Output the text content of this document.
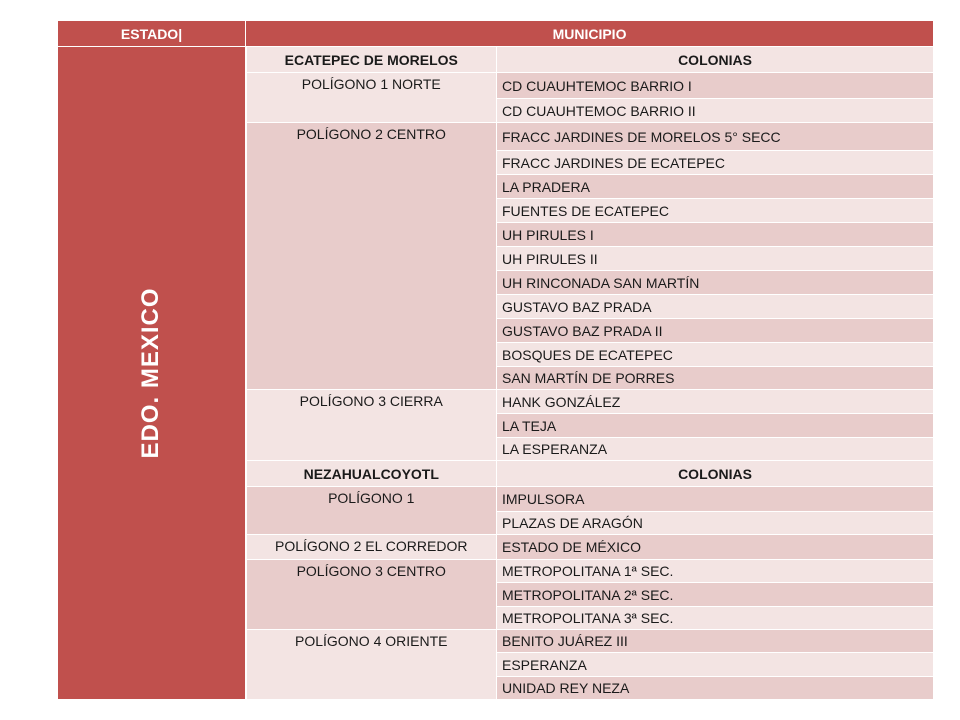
ESTADO|	MUNICIPIO	

EDO. MEXICO	ECATEPEC DE MORELOS	COLONIAS
	POLÍGONO 1 NORTE	CD CUAUHTEMOC BARRIO I
		CD CUAUHTEMOC BARRIO II
	POLÍGONO 2 CENTRO	FRACC JARDINES DE MORELOS 5° SECC
		FRACC JARDINES DE ECATEPEC
		LA PRADERA
		FUENTES DE ECATEPEC
		UH PIRULES I
		UH PIRULES II
		UH RINCONADA SAN MARTÍN
		GUSTAVO BAZ PRADA
		GUSTAVO BAZ PRADA II
		BOSQUES DE ECATEPEC
		SAN MARTÍN DE PORRES
	POLÍGONO 3 CIERRA	HANK GONZÁLEZ
		LA TEJA
		LA ESPERANZA
	NEZAHUALCOYOTL	COLONIAS
	POLÍGONO 1	IMPULSORA
		PLAZAS DE ARAGÓN
	POLÍGONO 2 EL CORREDOR	ESTADO DE MÉXICO
	POLÍGONO 3 CENTRO	METROPOLITANA 1ª SEC.
		METROPOLITANA 2ª SEC.
		METROPOLITANA 3ª SEC.
	POLÍGONO 4 ORIENTE	BENITO JUÁREZ III
		ESPERANZA
		UNIDAD REY NEZA
